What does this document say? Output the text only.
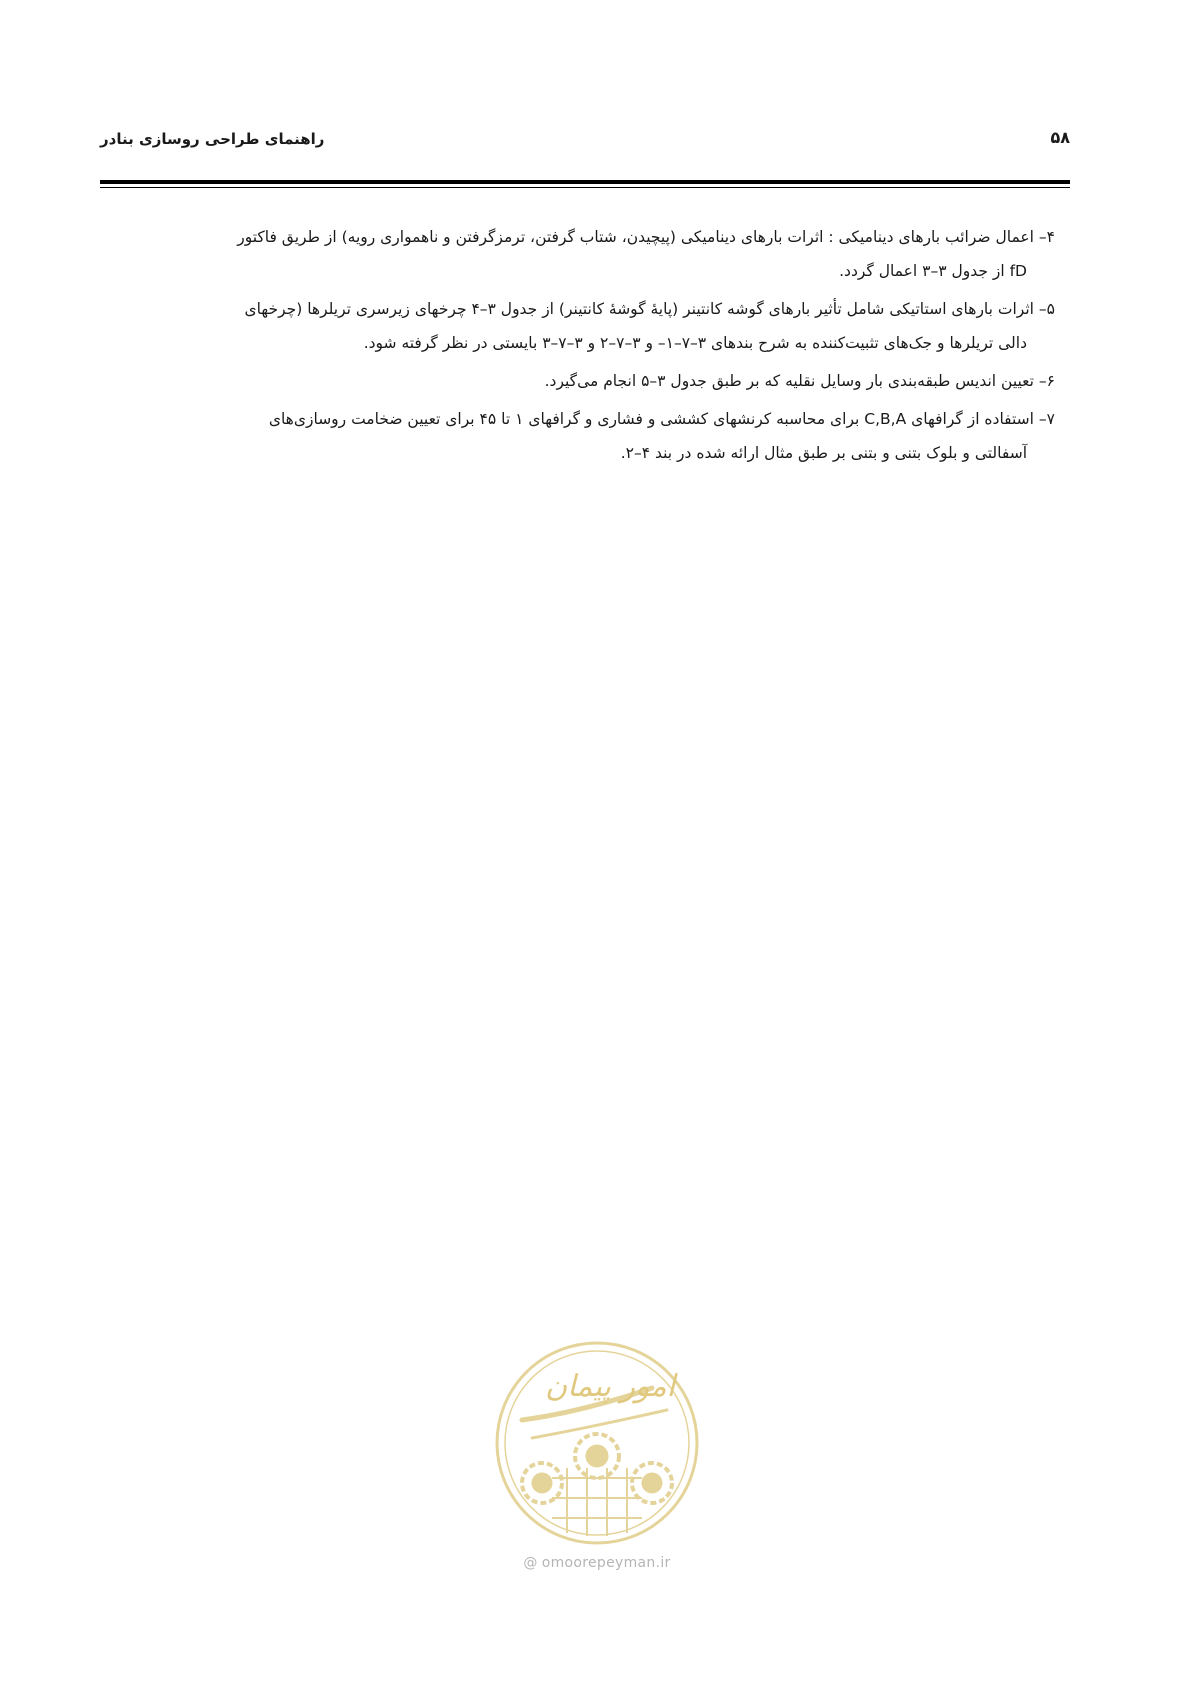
راهنمای طراحی روسازی بنادر	۵۸
۴– اعمال ضرائب بارهای دینامیکی : اثرات بارهای دینامیکی (پیچیدن، شتاب گرفتن، ترمزگرفتن و ناهمواری رویه) از طریق فاکتور
fD از جدول ۳–۳ اعمال گردد.
۵– اثرات بارهای استاتیکی شامل تأثیر بارهای گوشه کانتینر (پایهٔ گوشهٔ کانتینر) از جدول ۳–۴ چرخهای زیرسری تریلرها (چرخهای
دالی تریلرها و جک‌های تثبیت‌کننده به شرح بندهای ۳–۷–۱– و ۳–۷–۲ و ۳–۷–۳ بایستی در نظر گرفته شود.
۶– تعیین اندیس طبقه‌بندی بار وسایل نقلیه که بر طبق جدول ۳–۵ انجام می‌گیرد.
۷– استفاده از گرافهای C,B,A برای محاسبه کرنشهای کششی و فشاری و گرافهای ۱ تا ۴۵ برای تعیین ضخامت روسازی‌های
آسفالتی و بلوک بتنی و بتنی بر طبق مثال ارائه شده در بند ۴–۲.
امور پیمان
@ omoorepeyman.ir
